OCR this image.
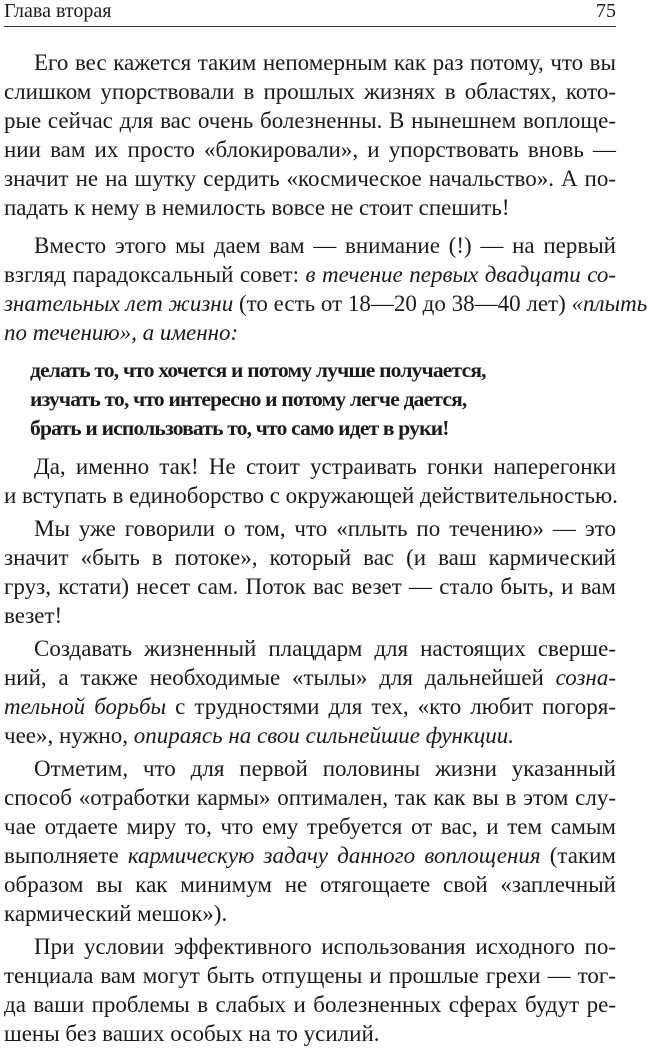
Глава вторая	75
Его вес кажется таким непомерным как раз потому, что вы
слишком упорствовали в прошлых жизнях в областях, кото-
рые сейчас для вас очень болезненны. В нынешнем воплоще-
нии вам их просто «блокировали», и упорствовать вновь —
значит не на шутку сердить «космическое начальство». А по-
падать к нему в немилость вовсе не стоит спешить!
Вместо этого мы даем вам — внимание (!) — на первый
взгляд парадоксальный совет: в течение первых двадцати со-
знательных лет жизни (то есть от 18—20 до 38—40 лет) «плыть
по течению», а именно:
делать то, что хочется и потому лучше получается,
изучать то, что интересно и потому легче дается,
брать и использовать то, что само идет в руки!
Да, именно так! Не стоит устраивать гонки наперегонки
и вступать в единоборство с окружающей действительностью.
Мы уже говорили о том, что «плыть по течению» — это
значит «быть в потоке», который вас (и ваш кармический
груз, кстати) несет сам. Поток вас везет — стало быть, и вам
везет!
Создавать жизненный плацдарм для настоящих сверше-
ний, а также необходимые «тылы» для дальнейшей созна-
тельной борьбы с трудностями для тех, «кто любит погоря-
чее», нужно, опираясь на свои сильнейшие функции.
Отметим, что для первой половины жизни указанный
способ «отработки кармы» оптимален, так как вы в этом слу-
чае отдаете миру то, что ему требуется от вас, и тем самым
выполняете кармическую задачу данного воплощения (таким
образом вы как минимум не отягощаете свой «заплечный
кармический мешок»).
При условии эффективного использования исходного по-
тенциала вам могут быть отпущены и прошлые грехи — тог-
да ваши проблемы в слабых и болезненных сферах будут ре-
шены без ваших особых на то усилий.
